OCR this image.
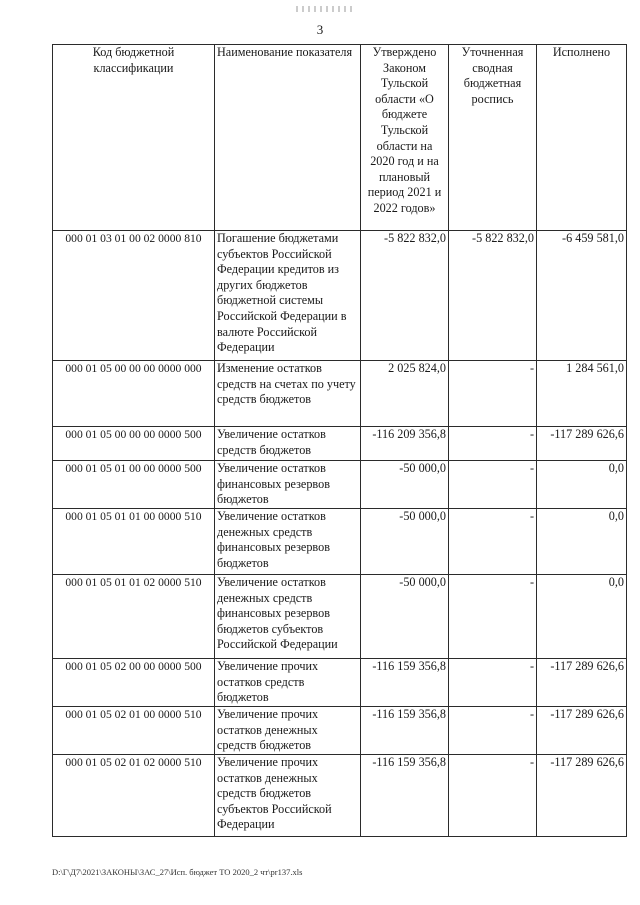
3
Код бюджетной классификации	Наименование показателя	Утверждено Законом Тульской области «О бюджете Тульской области на 2020 год и на плановый период 2021 и 2022 годов»	Уточненная сводная бюджетная роспись	Исполнено
000 01 03 01 00 02 0000 810	Погашение бюджетами субъектов Российской Федерации кредитов из других бюджетов бюджетной системы Российской Федерации в валюте Российской Федерации	-5 822 832,0	-5 822 832,0	-6 459 581,0
000 01 05 00 00 00 0000 000	Изменение остатков средств на счетах по учету средств бюджетов	2 025 824,0	-	1 284 561,0
000 01 05 00 00 00 0000 500	Увеличение остатков средств бюджетов	-116 209 356,8	-	-117 289 626,6
000 01 05 01 00 00 0000 500	Увеличение остатков финансовых резервов бюджетов	-50 000,0	-	0,0
000 01 05 01 01 00 0000 510	Увеличение остатков денежных средств финансовых резервов бюджетов	-50 000,0	-	0,0
000 01 05 01 01 02 0000 510	Увеличение остатков денежных средств финансовых резервов бюджетов субъектов Российской Федерации	-50 000,0	-	0,0
000 01 05 02 00 00 0000 500	Увеличение прочих остатков средств бюджетов	-116 159 356,8	-	-117 289 626,6
000 01 05 02 01 00 0000 510	Увеличение прочих остатков денежных средств бюджетов	-116 159 356,8	-	-117 289 626,6
000 01 05 02 01 02 0000 510	Увеличение прочих остатков денежных средств бюджетов субъектов Российской Федерации	-116 159 356,8	-	-117 289 626,6
D:\Г\Д7\2021\ЗАКОНЫ\ЗАС_27\Исп. бюджет ТО 2020_2 чт\pr137.xls
